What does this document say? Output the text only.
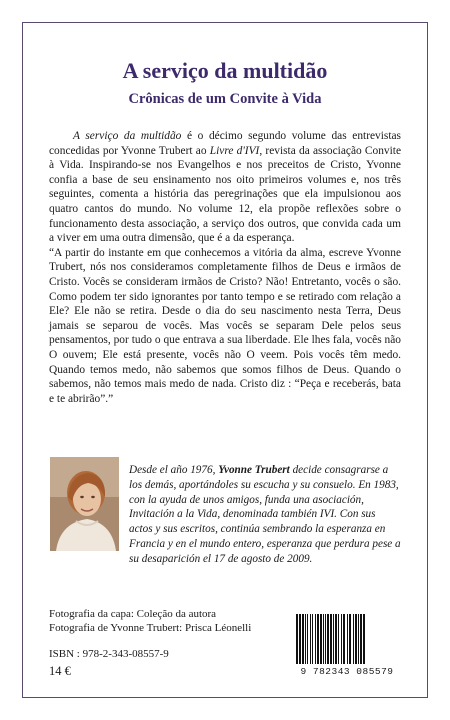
A serviço da multidão
Crônicas de um Convite à Vida

A serviço da multidão é o décimo segundo volume das entrevistas concedidas por Yvonne Trubert ao Livre d'IVI, revista da associação Convite à Vida. Inspirando-se nos Evangelhos e nos preceitos de Cristo, Yvonne confia a base de seu ensinamento nos oito primeiros volumes e, nos três seguintes, comenta a história das peregrinações que ela impulsionou aos quatro cantos do mundo. No volume 12, ela propõe reflexões sobre o funcionamento desta associação, a serviço dos outros, que convida cada um a viver em uma outra dimensão, que é a da esperança.

“A partir do instante em que conhecemos a vitória da alma, escreve Yvonne Trubert, nós nos consideramos completamente filhos de Deus e irmãos de Cristo. Vocês se consideram irmãos de Cristo? Não! Entretanto, vocês o são. Como podem ter sido ignorantes por tanto tempo e se retirado com relação a Ele? Ele não se retira. Desde o dia do seu nascimento nesta Terra, Deus jamais se separou de vocês. Mas vocês se separam Dele pelos seus pensamentos, por tudo o que entrava a sua liberdade. Ele lhes fala, vocês não O ouvem; Ele está presente, vocês não O veem. Pois vocês têm medo. Quando temos medo, não sabemos que somos filhos de Deus. Quando o sabemos, não temos mais medo de nada. Cristo diz : “Peça e receberás, bata e te abrirão”.”

Desde el año 1976, Yvonne Trubert decide consagrarse a los demás, aportándoles su escucha y su consuelo. En 1983, con la ayuda de unos amigos, funda una asociación, Invitación a la Vida, denominada también IVI. Con sus actos y sus escritos, continúa sembrando la esperanza en Francia y en el mundo entero, esperanza que perdura pese a su desaparición el 17 de agosto de 2009.

Fotografia da capa: Coleção da autora
Fotografia de Yvonne Trubert: Prisca Léonelli
ISBN : 978-2-343-08557-9
14 €	9 782343 085579
